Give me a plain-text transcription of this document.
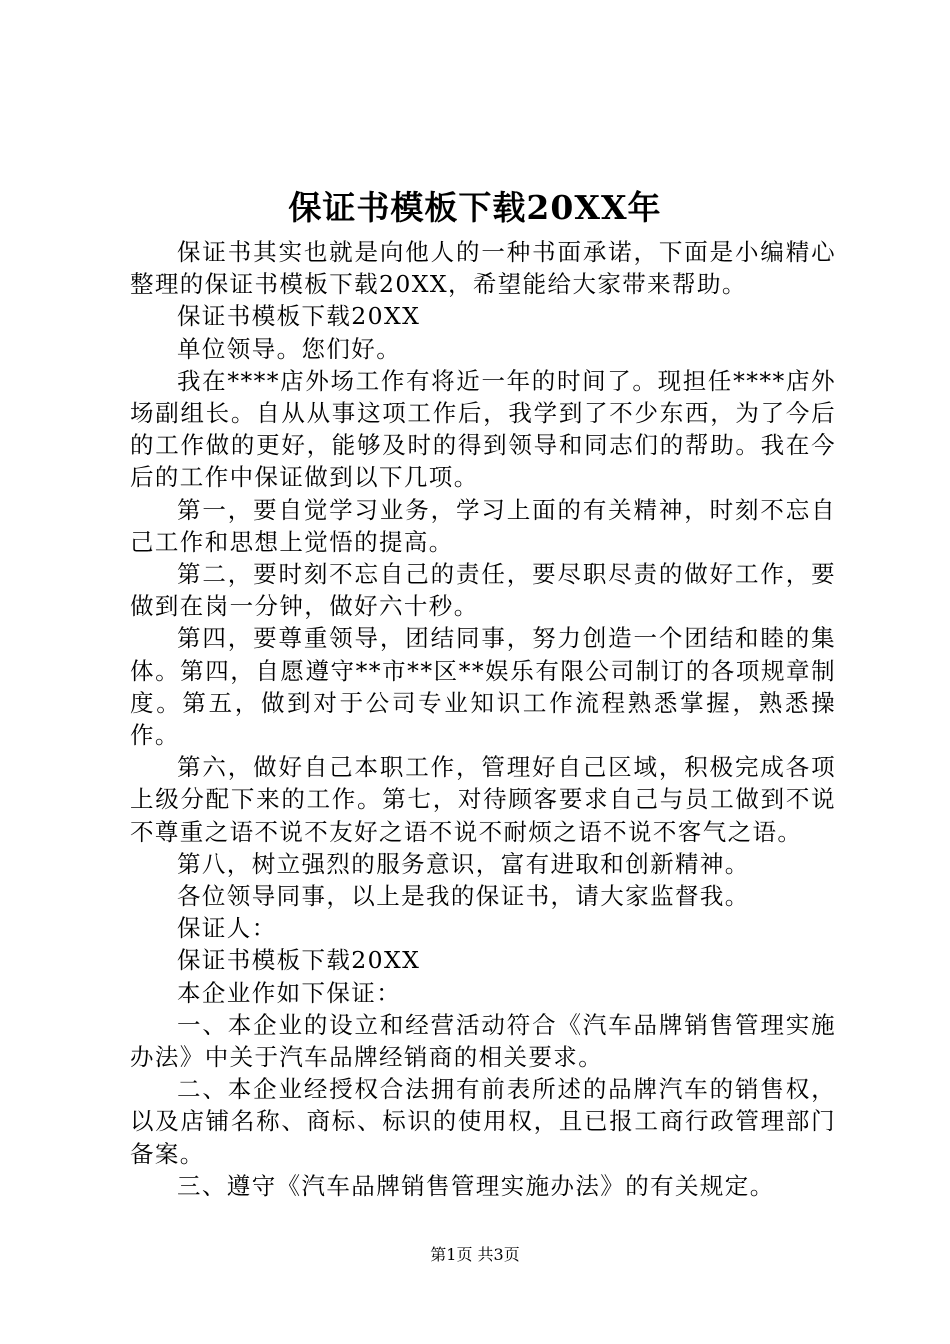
保证书模板下载20XX年

保证书其实也就是向他人的一种书面承诺，下面是小编精心整理的保证书模板下载20XX，希望能给大家带来帮助。

保证书模板下载20XX

单位领导。您们好。

我在****店外场工作有将近一年的时间了。现担任****店外场副组长。自从从事这项工作后，我学到了不少东西，为了今后的工作做的更好，能够及时的得到领导和同志们的帮助。我在今后的工作中保证做到以下几项。

第一，要自觉学习业务，学习上面的有关精神，时刻不忘自己工作和思想上觉悟的提高。

第二，要时刻不忘自己的责任，要尽职尽责的做好工作，要做到在岗一分钟，做好六十秒。

第四，要尊重领导，团结同事，努力创造一个团结和睦的集体。第四，自愿遵守**市**区**娱乐有限公司制订的各项规章制度。第五，做到对于公司专业知识工作流程熟悉掌握，熟悉操作。

第六，做好自己本职工作，管理好自己区域，积极完成各项上级分配下来的工作。第七，对待顾客要求自己与员工做到不说不尊重之语不说不友好之语不说不耐烦之语不说不客气之语。

第八，树立强烈的服务意识，富有进取和创新精神。

各位领导同事，以上是我的保证书，请大家监督我。

保证人：

保证书模板下载20XX

本企业作如下保证：

一、本企业的设立和经营活动符合《汽车品牌销售管理实施办法》中关于汽车品牌经销商的相关要求。

二、本企业经授权合法拥有前表所述的品牌汽车的销售权，以及店铺名称、商标、标识的使用权，且已报工商行政管理部门备案。

三、遵守《汽车品牌销售管理实施办法》的有关规定。

第1页 共3页
